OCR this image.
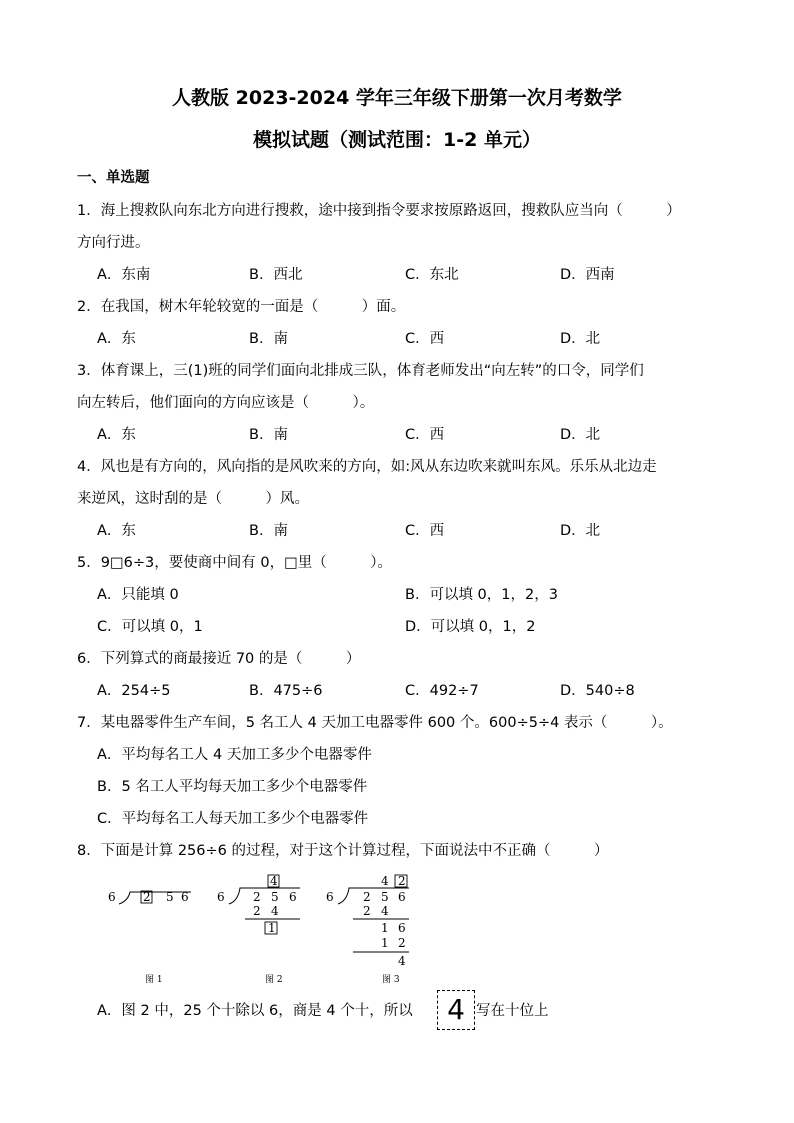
人教版 2023-2024 学年三年级下册第一次月考数学
模拟试题（测试范围：1-2 单元）
一、单选题
1．海上搜救队向东北方向进行搜救，途中接到指令要求按原路返回，搜救队应当向（　　　）
方向行进。
A．东南	B．西北	C．东北	D．西南
2．在我国，树木年轮较宽的一面是（　　　）面。
A．东	B．南	C．西	D．北
3．体育课上，三(1)班的同学们面向北排成三队，体育老师发出“向左转”的口令，同学们
向左转后，他们面向的方向应该是（　　　）。
A．东	B．南	C．西	D．北
4．风也是有方向的，风向指的是风吹来的方向，如:风从东边吹来就叫东风。乐乐从北边走
来逆风，这时刮的是（　　　）风。
A．东	B．南	C．西	D．北
5．9□6÷3，要使商中间有 0，□里（　　　）。
A．只能填 0	B．可以填 0，1，2，3
C．可以填 0，1	D．可以填 0，1，2
6．下列算式的商最接近 70 的是（　　　）
A．254÷5	B．475÷6	C．492÷7	D．540÷8
7．某电器零件生产车间，5 名工人 4 天加工电器零件 600 个。600÷5÷4 表示（　　　）。
A．平均每名工人 4 天加工多少个电器零件
B．5 名工人平均每天加工多少个电器零件
C．平均每名工人每天加工多少个电器零件
8．下面是计算 256÷6 的过程，对于这个计算过程，下面说法中不正确（　　　）
6 2 5 6
图 1
4
6 2 5 6
2 4
1
图 2
4 2
6 2 5 6
2 4
1 6
1 2
4
图 3
A．图 2 中，25 个十除以 6，商是 4 个十，所以	4 写在十位上
